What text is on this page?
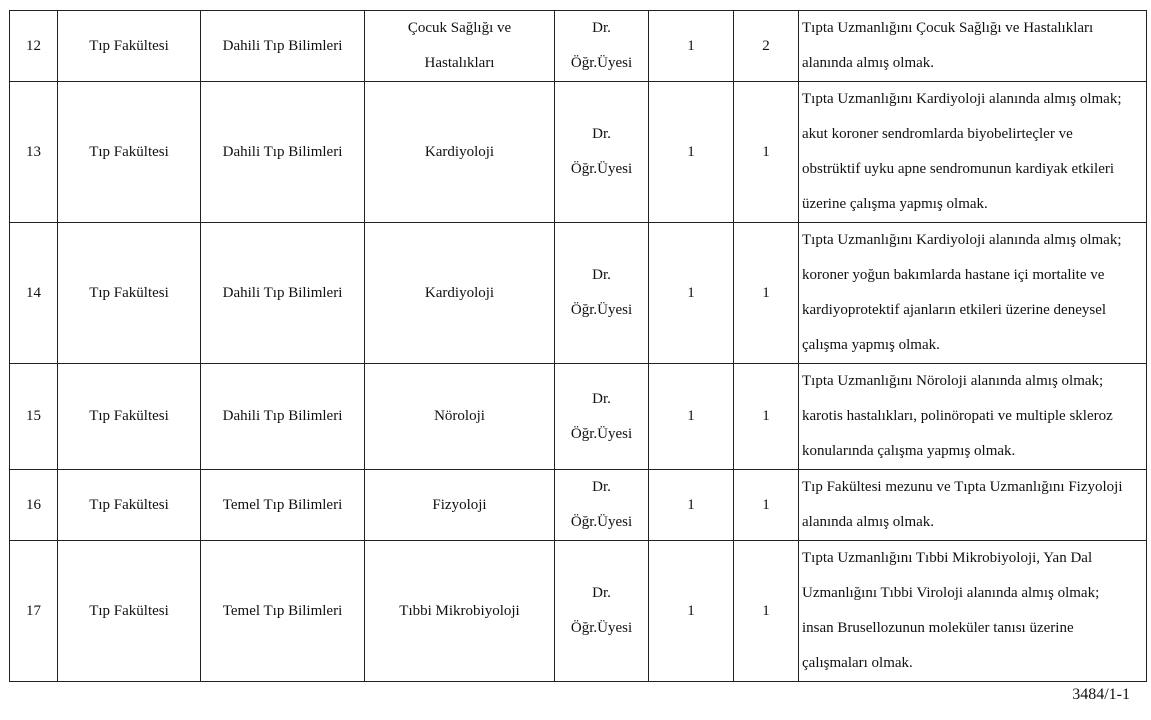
12	Tıp Fakültesi	Dahili Tıp Bilimleri	Çocuk Sağlığı ve
Hastalıkları	Dr.
Öğr.Üyesi	1	2	Tıpta Uzmanlığını Çocuk Sağlığı ve Hastalıkları
alanında almış olmak.
13	Tıp Fakültesi	Dahili Tıp Bilimleri	Kardiyoloji	Dr.
Öğr.Üyesi	1	1	Tıpta Uzmanlığını Kardiyoloji alanında almış olmak;
akut koroner sendromlarda biyobelirteçler ve
obstrüktif uyku apne sendromunun kardiyak etkileri
üzerine çalışma yapmış olmak.
14	Tıp Fakültesi	Dahili Tıp Bilimleri	Kardiyoloji	Dr.
Öğr.Üyesi	1	1	Tıpta Uzmanlığını Kardiyoloji alanında almış olmak;
koroner yoğun bakımlarda hastane içi mortalite ve
kardiyoprotektif ajanların etkileri üzerine deneysel
çalışma yapmış olmak.
15	Tıp Fakültesi	Dahili Tıp Bilimleri	Nöroloji	Dr.
Öğr.Üyesi	1	1	Tıpta Uzmanlığını Nöroloji alanında almış olmak;
karotis hastalıkları, polinöropati ve multiple skleroz
konularında çalışma yapmış olmak.
16	Tıp Fakültesi	Temel Tıp Bilimleri	Fizyoloji	Dr.
Öğr.Üyesi	1	1	Tıp Fakültesi mezunu ve Tıpta Uzmanlığını Fizyoloji
alanında almış olmak.
17	Tıp Fakültesi	Temel Tıp Bilimleri	Tıbbi Mikrobiyoloji	Dr.
Öğr.Üyesi	1	1	Tıpta Uzmanlığını Tıbbi Mikrobiyoloji, Yan Dal
Uzmanlığını Tıbbi Viroloji alanında almış olmak;
insan Brusellozunun moleküler tanısı üzerine
çalışmaları olmak.
3484/1-1
